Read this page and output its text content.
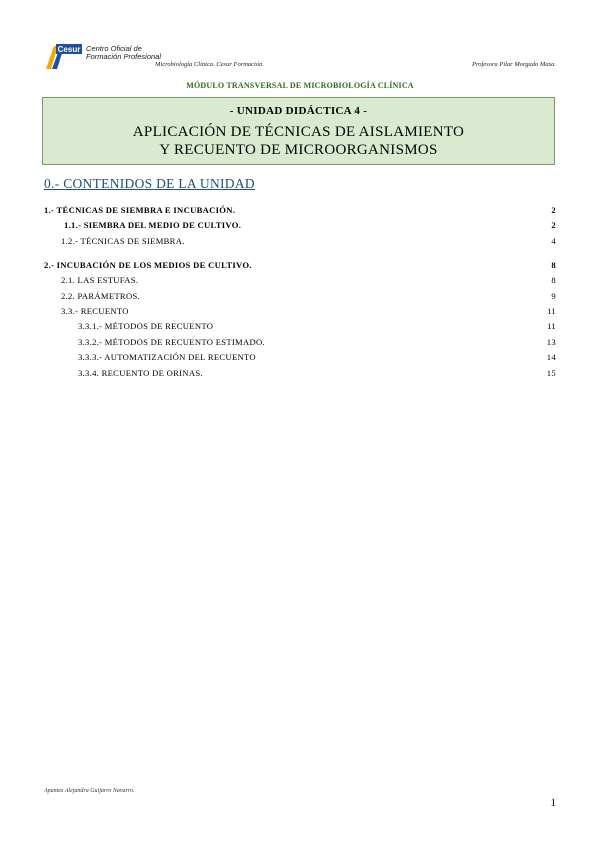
Cesur Centro Oficial de
Formación Profesional
Microbiología Clínica. Cesur Formación.	Profesora Pilar Morgado Masa.
MÓDULO TRANSVERSAL DE MICROBIOLOGÍA CLÍNICA
- UNIDAD DIDÁCTICA 4 -
APLICACIÓN DE TÉCNICAS DE AISLAMIENTO
Y RECUENTO DE MICROORGANISMOS
0.- CONTENIDOS DE LA UNIDAD
1.- TÉCNICAS DE SIEMBRA E INCUBACIÓN.	2
1.1.- SIEMBRA DEL MEDIO DE CULTIVO.	2
1.2.- TÉCNICAS DE SIEMBRA.	4
2.- INCUBACIÓN DE LOS MEDIOS DE CULTIVO.	8
2.1. LAS ESTUFAS.	8
2.2. PARÁMETROS.	9
3.3.- RECUENTO	11
3.3.1.- MÉTODOS DE RECUENTO	11
3.3.2.- MÉTODOS DE RECUENTO ESTIMADO.	13
3.3.3.- AUTOMATIZACIÓN DEL RECUENTO	14
3.3.4. RECUENTO DE ORINAS.	15
Apuntes Alejandra Guijarro Navarro.
1
